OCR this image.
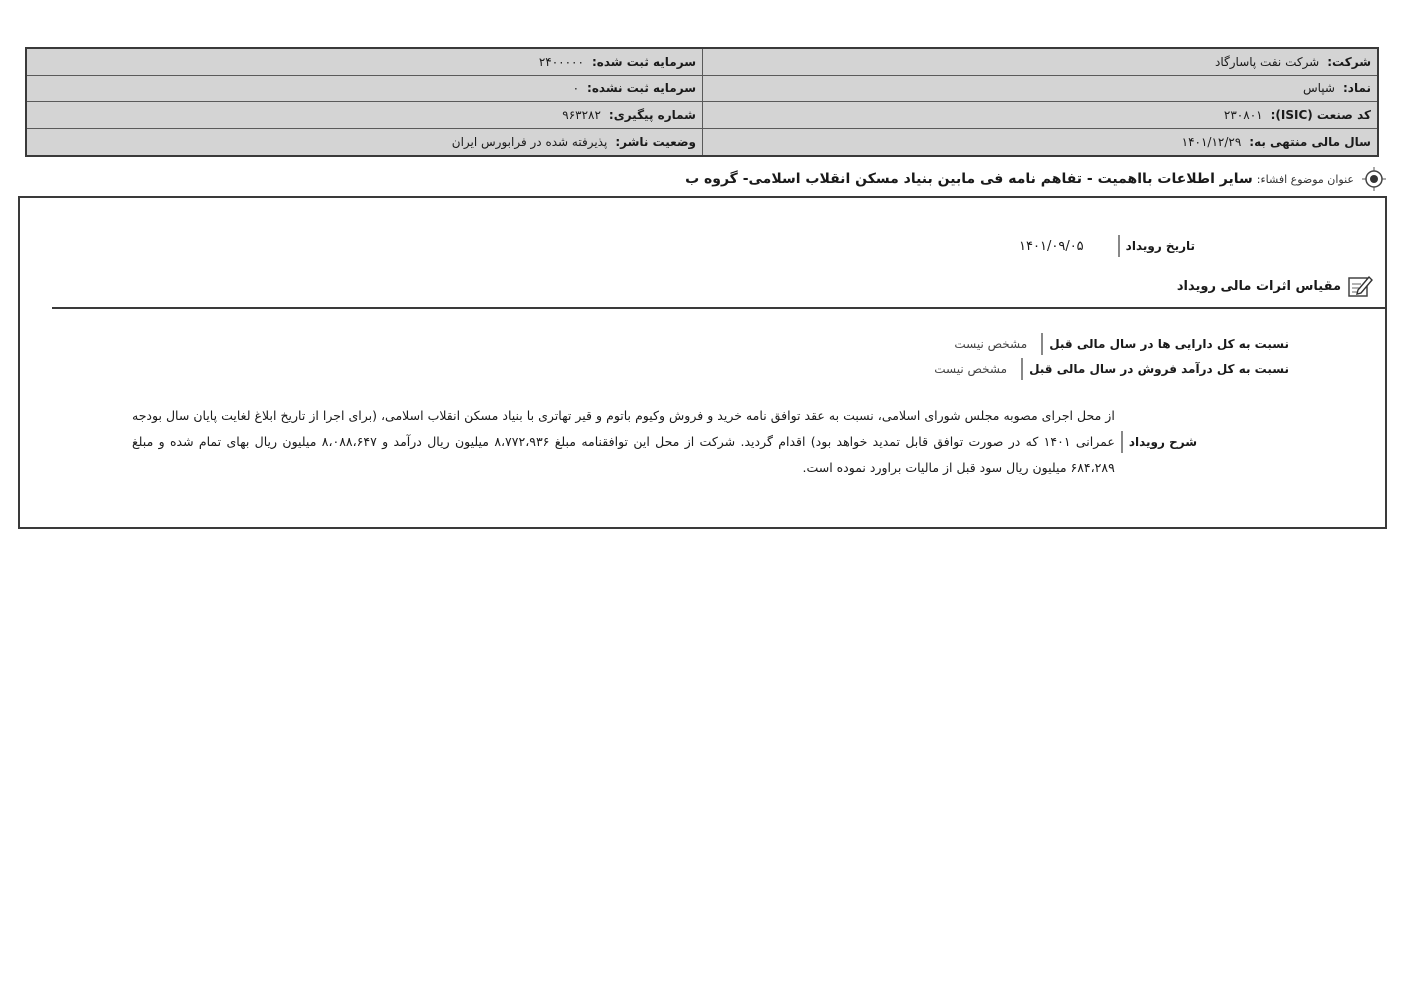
شرکت:
شرکت نفت پاسارگاد
سرمایه ثبت شده:
۲۴۰۰۰۰۰
نماد:
شپاس
سرمایه ثبت نشده:
۰
کد صنعت (ISIC):
۲۳۰۸۰۱
شماره پیگیری:
۹۶۳۲۸۲
سال مالی منتهی به:
۱۴۰۱/۱۲/۲۹
وضعیت ناشر:
پذیرفته شده در فرابورس ایران
عنوان موضوع افشاء:
سایر اطلاعات بااهمیت - تفاهم نامه فی مابین بنیاد مسکن انقلاب اسلامی- گروه ب
تاریخ رویداد
۱۴۰۱/۰۹/۰۵
مقیاس اثرات مالی رویداد
نسبت به کل دارایی ها در سال مالی قبل
مشخص نیست
نسبت به کل درآمد فروش در سال مالی قبل
مشخص نیست
شرح رویداد
از محل اجرای مصوبه مجلس شورای اسلامی، نسبت به عقد توافق نامه خرید و فروش وکیوم باتوم و قیر تهاتری با بنیاد مسکن انقلاب اسلامی، (برای اجرا از تاریخ ابلاغ لغایت پایان سال بودجه عمرانی ۱۴۰۱ که در صورت توافق قابل تمدید خواهد بود) اقدام گردید. شرکت از محل این توافقنامه مبلغ ۸،۷۷۲،۹۳۶ میلیون ریال درآمد و ۸،۰۸۸،۶۴۷ میلیون ریال بهای تمام شده و مبلغ ۶۸۴،۲۸۹ میلیون ریال سود قبل از مالیات براورد نموده است.
